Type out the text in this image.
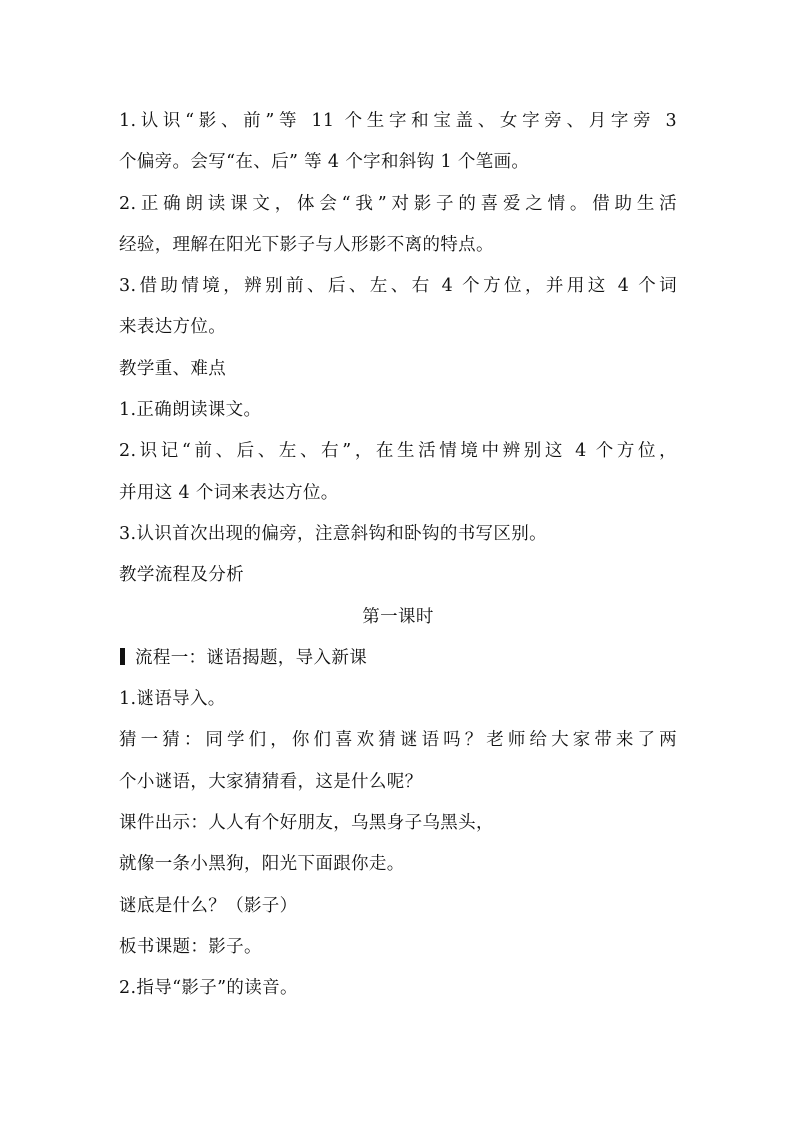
1.认识“影、前”等 11 个生字和宝盖、女字旁、月字旁 3
个偏旁。会写“在、后” 等 4 个字和斜钩 1 个笔画。
2.正确朗读课文，体会“我”对影子的喜爱之情。借助生活
经验，理解在阳光下影子与人形影不离的特点。
3.借助情境，辨别前、后、左、右 4 个方位，并用这 4 个词
来表达方位。
教学重、难点
1.正确朗读课文。
2.识记“前、后、左、右”，在生活情境中辨别这 4 个方位，
并用这 4 个词来表达方位。
3.认识首次出现的偏旁，注意斜钩和卧钩的书写区别。
教学流程及分析
第一课时
流程一：谜语揭题，导入新课
1.谜语导入。
猜一猜：同学们，你们喜欢猜谜语吗？老师给大家带来了两
个小谜语，大家猜猜看，这是什么呢？
课件出示：人人有个好朋友，乌黑身子乌黑头，
就像一条小黑狗，阳光下面跟你走。
谜底是什么？（影子）
板书课题：影子。
2.指导“影子”的读音。
